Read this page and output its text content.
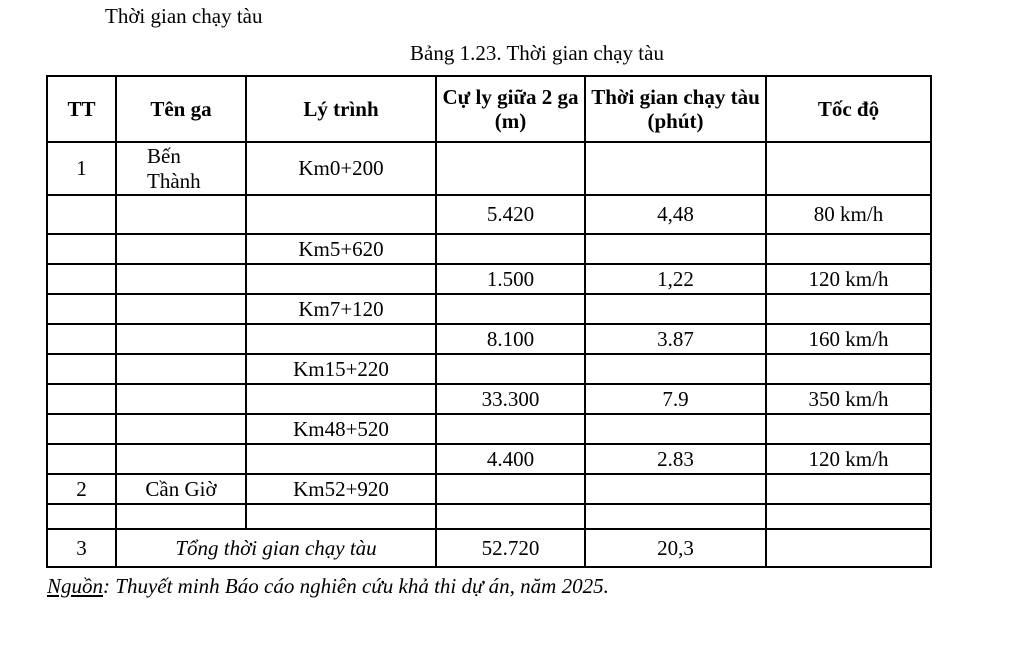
Thời gian chạy tàu
Bảng 1.23. Thời gian chạy tàu
TT	Tên ga	Lý trình	Cự ly giữa 2 ga (m)	Thời gian chạy tàu (phút)	Tốc độ
1	Bến Thành	Km0+200			
			5.420	4,48	80 km/h
		Km5+620			
			1.500	1,22	120 km/h
		Km7+120			
			8.100	3.87	160 km/h
		Km15+220			
			33.300	7.9	350 km/h
		Km48+520			
			4.400	2.83	120 km/h
2	Cần Giờ	Km52+920			

3	Tổng thời gian chạy tàu		52.720	20,3	
Nguồn: Thuyết minh Báo cáo nghiên cứu khả thi dự án, năm 2025.
